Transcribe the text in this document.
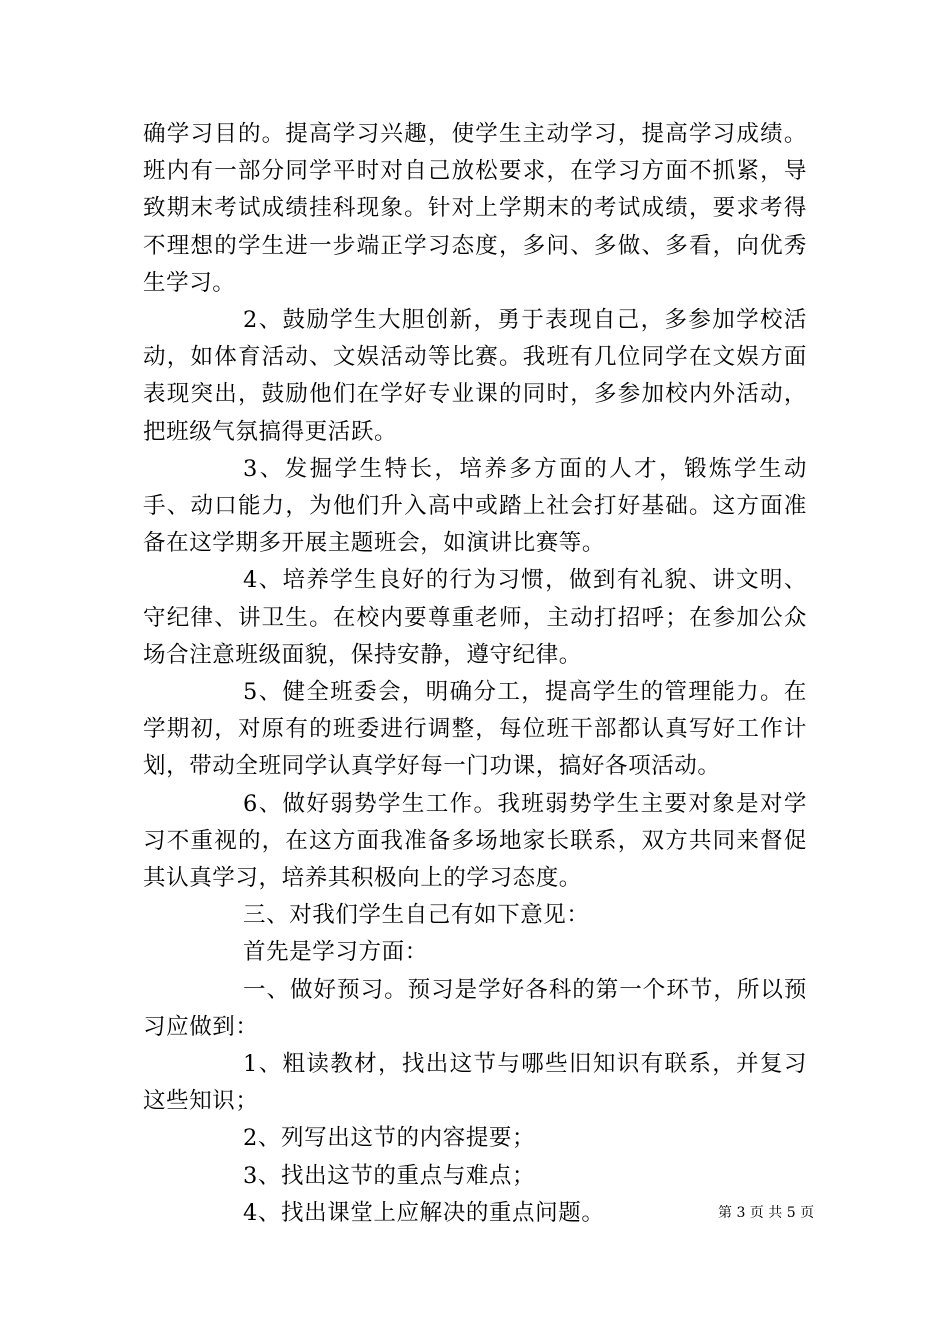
确学习目的。提高学习兴趣，使学生主动学习，提高学习成绩。班内有一部分同学平时对自己放松要求，在学习方面不抓紧，导致期末考试成绩挂科现象。针对上学期末的考试成绩，要求考得不理想的学生进一步端正学习态度，多问、多做、多看，向优秀生学习。

2、鼓励学生大胆创新，勇于表现自己，多参加学校活动，如体育活动、文娱活动等比赛。我班有几位同学在文娱方面表现突出，鼓励他们在学好专业课的同时，多参加校内外活动，把班级气氛搞得更活跃。

3、发掘学生特长，培养多方面的人才，锻炼学生动手、动口能力，为他们升入高中或踏上社会打好基础。这方面准备在这学期多开展主题班会，如演讲比赛等。

4、培养学生良好的行为习惯，做到有礼貌、讲文明、守纪律、讲卫生。在校内要尊重老师，主动打招呼；在参加公众场合注意班级面貌，保持安静，遵守纪律。

5、健全班委会，明确分工，提高学生的管理能力。在学期初，对原有的班委进行调整，每位班干部都认真写好工作计划，带动全班同学认真学好每一门功课，搞好各项活动。

6、做好弱势学生工作。我班弱势学生主要对象是对学习不重视的，在这方面我准备多场地家长联系，双方共同来督促其认真学习，培养其积极向上的学习态度。

三、对我们学生自己有如下意见：

首先是学习方面：

一、做好预习。预习是学好各科的第一个环节，所以预习应做到：

1、粗读教材，找出这节与哪些旧知识有联系，并复习这些知识；

2、列写出这节的内容提要；

3、找出这节的重点与难点；

4、找出课堂上应解决的重点问题。	第 3 页 共 5 页
